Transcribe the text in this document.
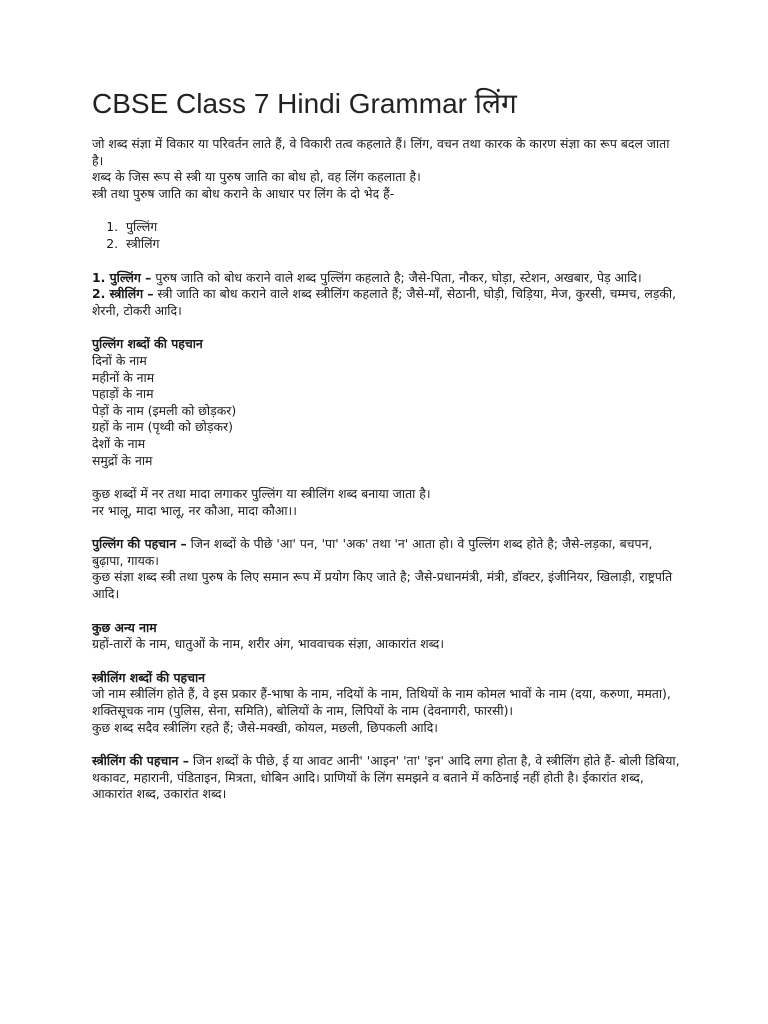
CBSE Class 7 Hindi Grammar लिंग

जो शब्द संज्ञा में विकार या परिवर्तन लाते हैं, वे विकारी तत्व कहलाते हैं। लिंग, वचन तथा कारक के कारण संज्ञा का रूप बदल जाता है।

शब्द के जिस रूप से स्त्री या पुरुष जाति का बोध हो, वह लिंग कहलाता है।

स्त्री तथा पुरुष जाति का बोध कराने के आधार पर लिंग के दो भेद हैं-

1. पुल्लिंग
2. स्त्रीलिंग

1. पुल्लिंग – पुरुष जाति को बोध कराने वाले शब्द पुल्लिंग कहलाते है; जैसे-पिता, नौकर, घोड़ा, स्टेशन, अखबार, पेड़ आदि।

2. स्त्रीलिंग – स्त्री जाति का बोध कराने वाले शब्द स्त्रीलिंग कहलाते हैं; जैसे-माँ, सेठानी, घोड़ी, चिड़िया, मेज, कुरसी, चम्मच, लड़की, शेरनी, टोकरी आदि।

पुल्लिंग शब्दों की पहचान

दिनों के नाम

महीनों के नाम

पहाड़ों के नाम

पेड़ों के नाम (इमली को छोड़कर)

ग्रहों के नाम (पृथ्वी को छोड़कर)

देशों के नाम

समुद्रों के नाम

कुछ शब्दों में नर तथा मादा लगाकर पुल्लिंग या स्त्रीलिंग शब्द बनाया जाता है।

नर भालू, मादा भालू, नर कौआ, मादा कौआ।।

पुल्लिंग की पहचान – जिन शब्दों के पीछे 'आ' पन, 'पा' 'अक' तथा 'न' आता हो। वे पुल्लिंग शब्द होते है; जैसे-लड़का, बचपन, बुढ़ापा, गायक।

कुछ संज्ञा शब्द स्त्री तथा पुरुष के लिए समान रूप में प्रयोग किए जाते है; जैसे-प्रधानमंत्री, मंत्री, डॉक्टर, इंजीनियर, खिलाड़ी, राष्ट्रपति आदि।

कुछ अन्य नाम

ग्रहों-तारों के नाम, धातुओं के नाम, शरीर अंग, भाववाचक संज्ञा, आकारांत शब्द।

स्त्रीलिंग शब्दों की पहचान

जो नाम स्त्रीलिंग होते हैं, वे इस प्रकार हैं-भाषा के नाम, नदियों के नाम, तिथियों के नाम कोमल भावों के नाम (दया, करुणा, ममता), शक्तिसूचक नाम (पुलिस, सेना, समिति), बोलियों के नाम, लिपियों के नाम (देवनागरी, फारसी)।

कुछ शब्द सदैव स्त्रीलिंग रहते हैं; जैसे-मक्खी, कोयल, मछली, छिपकली आदि।

स्त्रीलिंग की पहचान – जिन शब्दों के पीछे, ई या आवट आनी' 'आइन' 'ता' 'इन' आदि लगा होता है, वे स्त्रीलिंग होते हैं- बोली डिबिया, थकावट, महारानी, पंडिताइन, मित्रता, धोबिन आदि। प्राणियों के लिंग समझने व बताने में कठिनाई नहीं होती है। ईकारांत शब्द, आकारांत शब्द, उकारांत शब्द।
